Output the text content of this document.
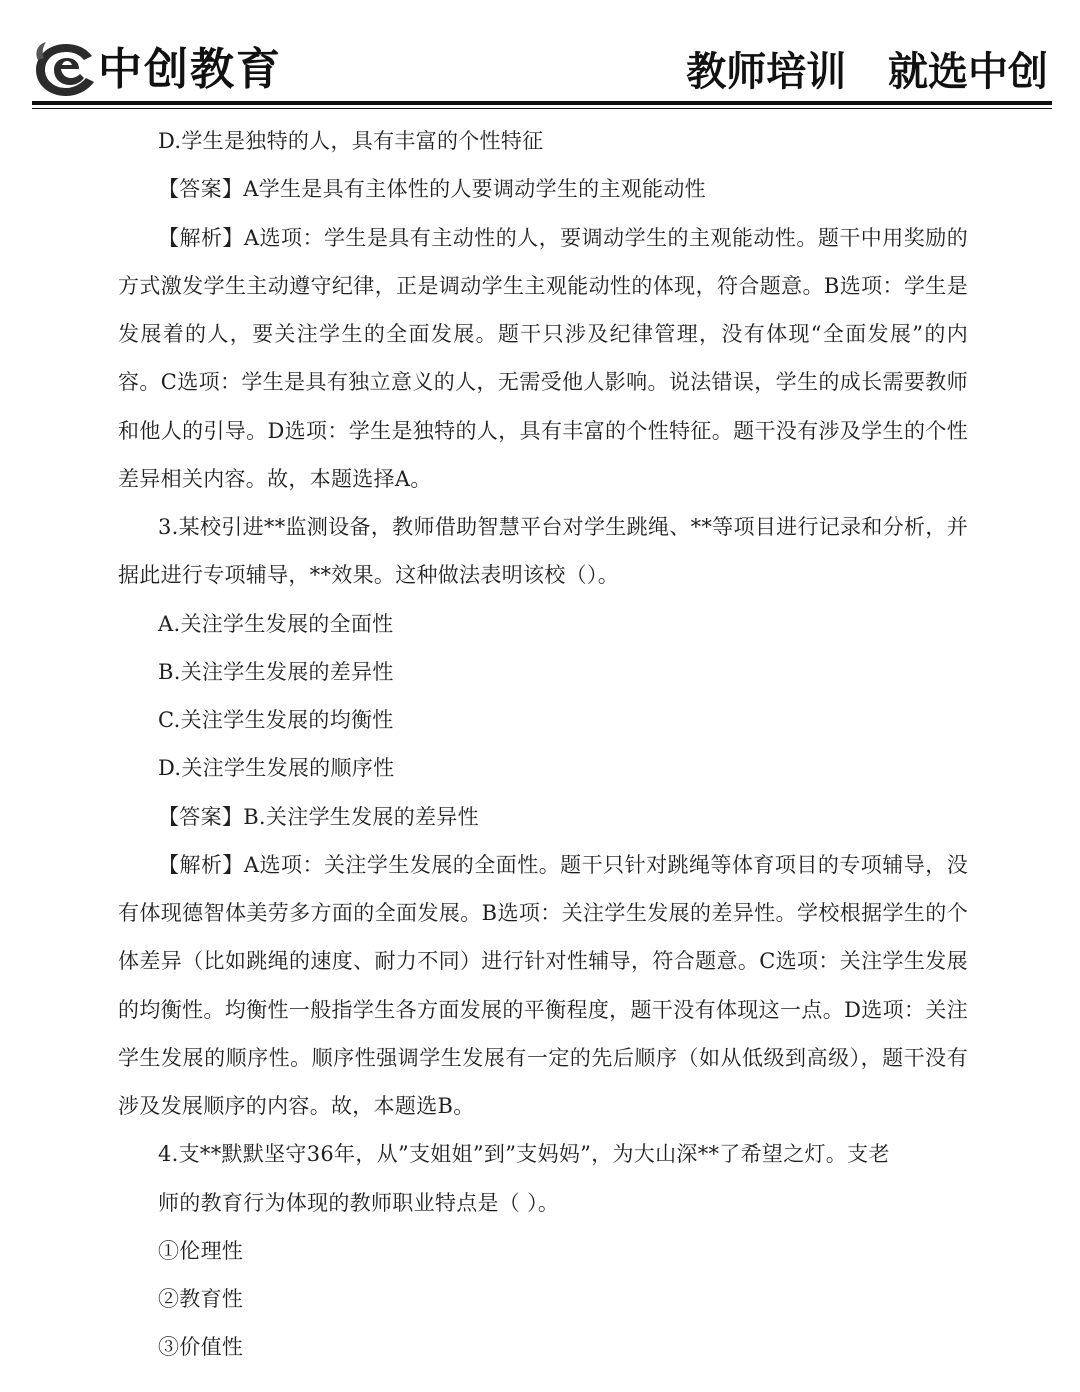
中创教育	教师培训   就选中创
D.学生是独特的人，具有丰富的个性特征
【答案】A学生是具有主体性的人要调动学生的主观能动性
【解析】A选项：学生是具有主动性的人，要调动学生的主观能动性。题干中用奖励的方式激发学生主动遵守纪律，正是调动学生主观能动性的体现，符合题意。B选项：学生是发展着的人，要关注学生的全面发展。题干只涉及纪律管理，没有体现“全面发展”的内容。C选项：学生是具有独立意义的人，无需受他人影响。说法错误，学生的成长需要教师和他人的引导。D选项：学生是独特的人，具有丰富的个性特征。题干没有涉及学生的个性差异相关内容。故，本题选择A。
3.某校引进**监测设备，教师借助智慧平台对学生跳绳、**等项目进行记录和分析，并据此进行专项辅导，**效果。这种做法表明该校（）。
A.关注学生发展的全面性
B.关注学生发展的差异性
C.关注学生发展的均衡性
D.关注学生发展的顺序性
【答案】B.关注学生发展的差异性
【解析】A选项：关注学生发展的全面性。题干只针对跳绳等体育项目的专项辅导，没有体现德智体美劳多方面的全面发展。B选项：关注学生发展的差异性。学校根据学生的个体差异（比如跳绳的速度、耐力不同）进行针对性辅导，符合题意。C选项：关注学生发展的均衡性。均衡性一般指学生各方面发展的平衡程度，题干没有体现这一点。D选项：关注学生发展的顺序性。顺序性强调学生发展有一定的先后顺序（如从低级到高级），题干没有涉及发展顺序的内容。故，本题选B。
4.支**默默坚守36年，从”支姐姐”到”支妈妈”，为大山深**了希望之灯。支老
师的教育行为体现的教师职业特点是（ ）。
①伦理性
②教育性
③价值性
